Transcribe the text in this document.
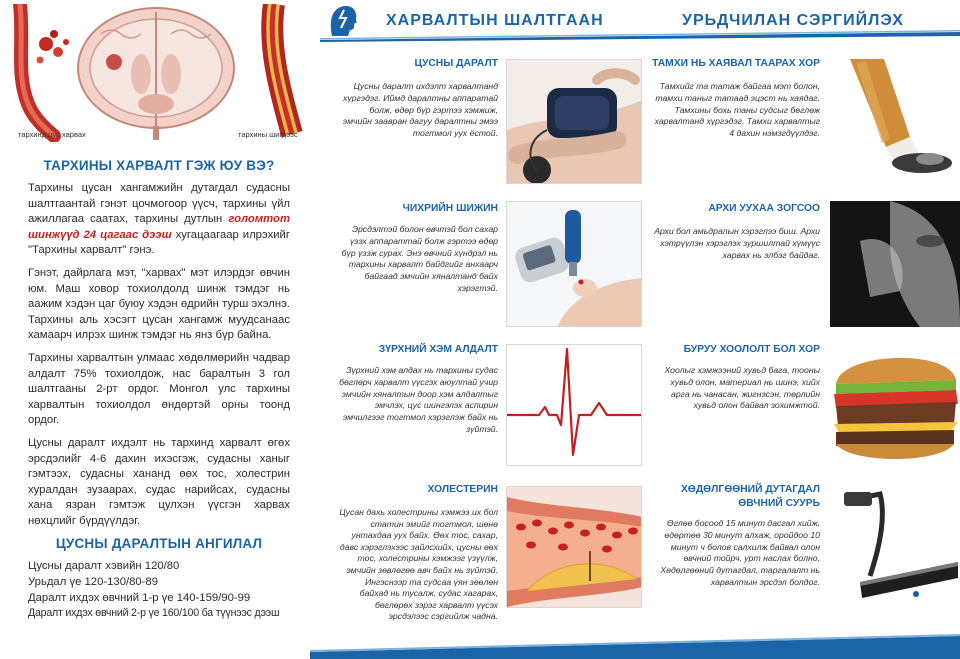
тархинд цус харвах	тархины шигдээс
ТАРХИНЫ ХАРВАЛТ ГЭЖ ЮУ ВЭ?

Тархины цусан хангамжийн дутагдал судасны шалтгаантай гэнэт цочмогоор үүсч, тархины үйл ажиллагаа саатах, тархины дутлын голомтот шинжүүд 24 цагаас дээш хугацаагаар илрэхийг "Тархины харвалт" гэнэ.

Гэнэт, дайрлага мэт, "харвах" мэт илэрдэг өвчин юм. Маш ховор тохиолдолд шинж тэмдэг нь аажим хэдэн цаг буюу хэдэн өдрийн турш эхэлнэ. Тархины аль хэсэгт цусан хангамж муудсанаас хамаарч илрэх шинж тэмдэг нь янз бүр байна.

Тархины харвалтын улмаас хөдөлмөрийн чадвар алдалт 75% тохиолдож, нас баралтын 3 гол шалтгааны 2-рт ордог. Монгол улс тархины харвалтын тохиолдол өндөртэй орны тоонд ордог.

Цусны даралт ихдэлт нь тархинд харвалт өгөх эрсдэлийг 4-6 дахин ихэсгэж, судасны ханыг гэмтээх, судасны хананд өөх тос, холестрин хуралдан зузаарах, судас нарийсах, судасны хана язран гэмтэж цулхэн үүсгэн харвах нөхцлийг бүрдүүлдэг.

ЦУСНЫ ДАРАЛТЫН АНГИЛАЛ
Цусны даралт хэвийн 120/80
Урьдал үе 120-130/80-89
Даралт ихдэх өвчний 1-р үе 140-159/90-99
Даралт ихдэх өвчний 2-р үе 160/100 ба түүнээс дээш
ХАРВАЛТЫН ШАЛТГААН	УРЬДЧИЛАН СЭРГИЙЛЭХ
ЦУСНЫ ДАРАЛТ
Цусны даралт ихдэлт харвалтанд хүргэдэг. Иймд даралтны аппаратай болж, өдөр бүр гэртээ хэмжиж, эмчийн заавран дагуу даралтны эмээ тогтмол уух ёстой.
ЧИХРИЙН ШИЖИН
Эрсдэлтэй болон өвчтэй бол сахар үзэх аппараттай болж гэртээ өдөр бүр үзэж сурах. Энэ өвчний хүндрэл нь тархины харвалт байдгийг анхаарч байгаад эмчийн хяналтанд байх хэрэгтэй.
ЗҮРХНИЙ ХЭМ АЛДАЛТ
Зүрхний хэм алдах нь тархины судас бөглөрч харвалт үүсгэх аюултай учир эмчийн хяналтын доор хэм алдалтыг эмчлэх, цус шингэлэх аспирин эмчилгээг тогтмол хэрэглэж байх нь зүйтэй.
ХОЛЕСТЕРИН
Цусан дахь холестрины хэмжээ их бол статин эмийг тогтмол, шөнө унтахдаа уух байх. Өөх тос, сахар, давс хэрэглэхээс зайлсхийх, цусны өөх тос, холестрины хэмжээг үзүүлж, эмчийн зөвлөгөө авч байх нь зүйтэй. Ингэснээр та судсаа үян зөөлөн байхад нь тусалж, судас хагарах, бөглөрөх зэрэг харвалт үүсэх эрсдэлээс сэргийлж чадна.
ТАМХИ НЬ ХАЯВАЛ ТААРАХ ХОР
Тамхийг та татаж байгаа мэт болон, тамхи таныг татаад эцэст нь хаядаг. Тамхины бохь таны судсыг бөглөж харвалтанд хүргэдэг. Тамхи харвалтыг 4 дахин нэмэгдүүлдэг.
АРХИ УУХАА ЗОГСОО
Архи бол амьдралын хэрэглээ биш. Архи хэтрүүлэн хэрэглэх зуршилтай хүмүүс харвах нь элбэг байдаг.
БУРУУ ХООЛОЛТ БОЛ ХОР
Хоолыг хэмжээний хувьд бага, тооны хувьд олон, материал нь шинэ, хийх арга нь чанасан, жигнэсэн, төрлийн хувьд олон байвал зохимжтой.
ХӨДӨЛГӨӨНИЙ ДУТАГДАЛ
ӨВЧНИЙ СУУРЬ
Өглөө босоод 15 минут дасгал хийж, өдөртөө 30 минут алхаж, оройдоо 10 минут ч болов салхилж байвал олон өвчний тойрч, урт наслах болно. Хөдөлгөөний дутагдал, таргалалт нь харвалтын эрсдэл болдог.
